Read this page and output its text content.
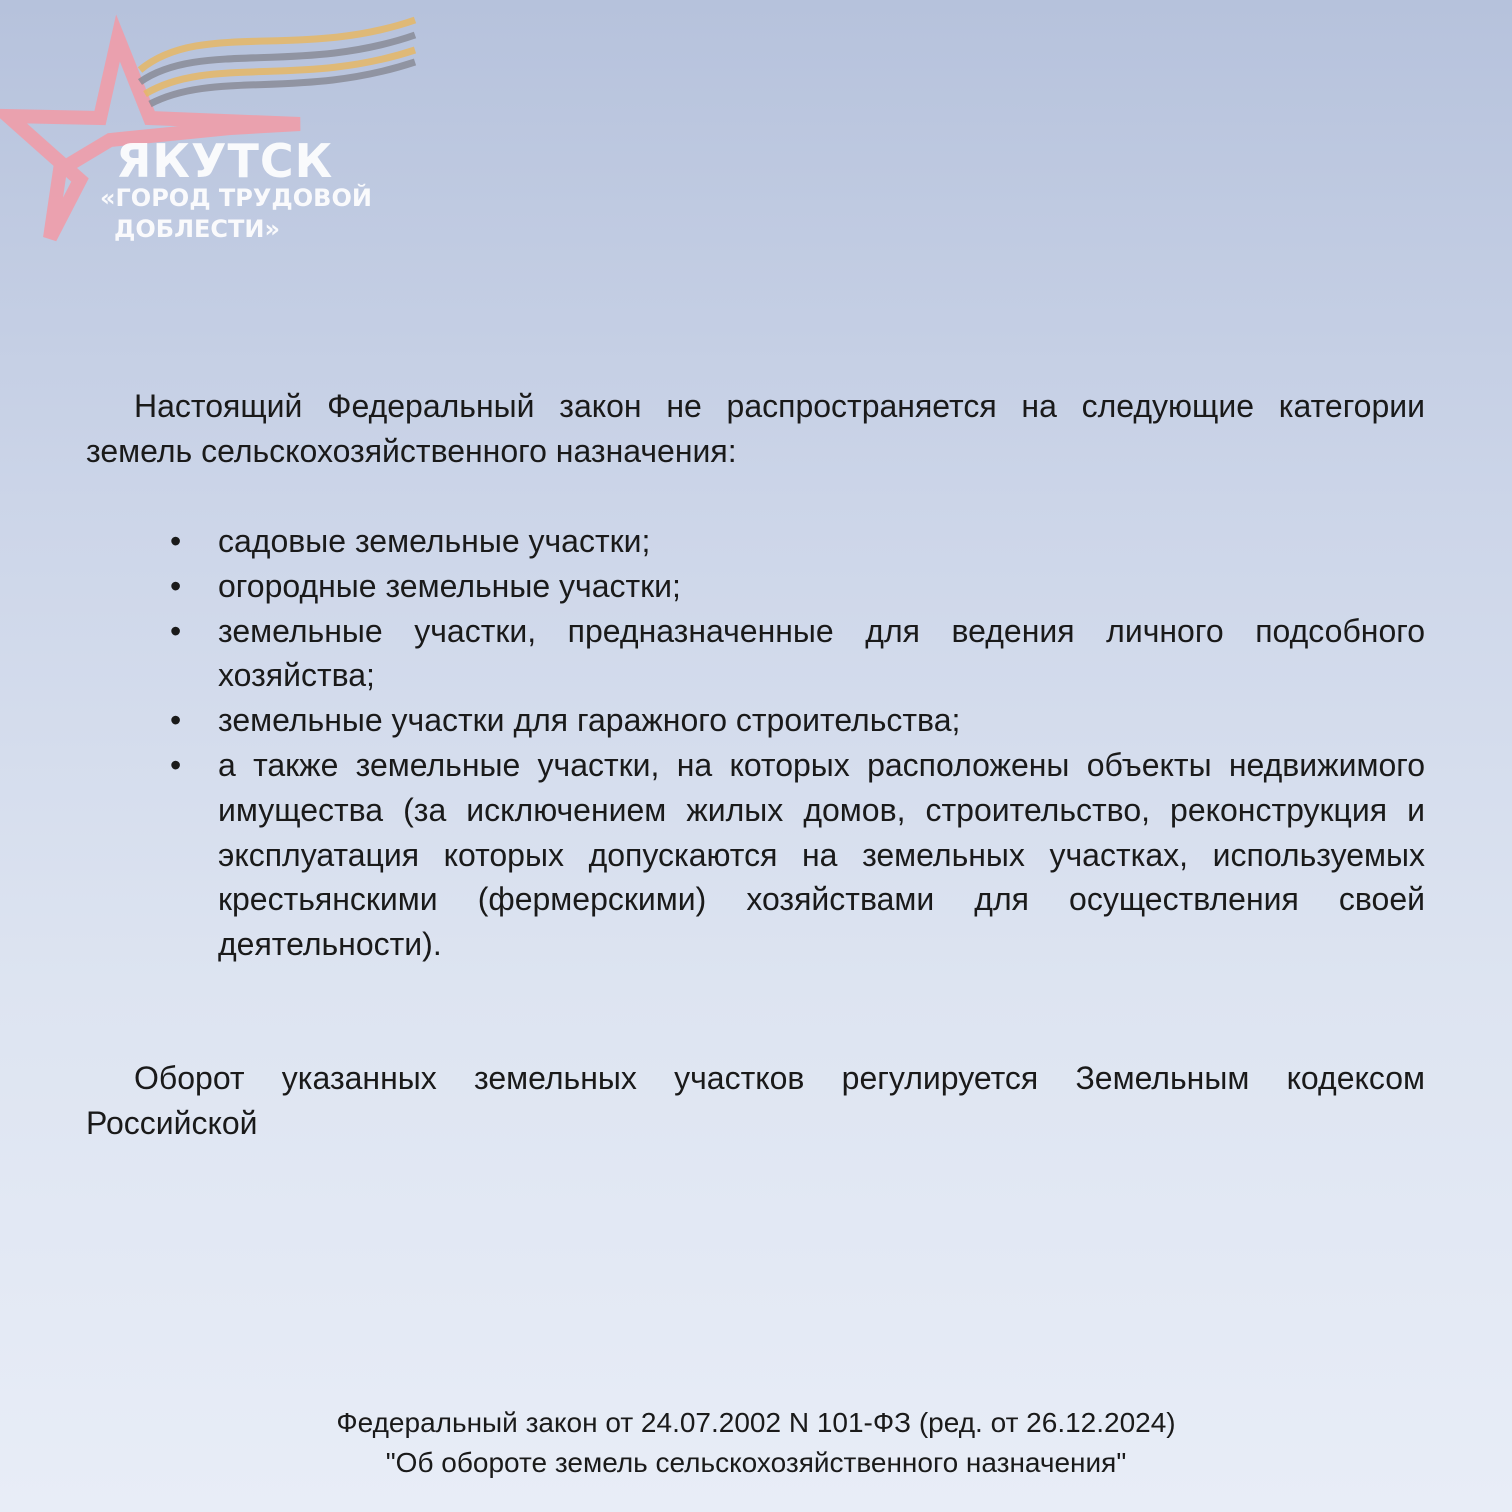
ЯКУТСК
«ГОРОД ТРУДОВОЙ
ДОБЛЕСТИ»

Настоящий Федеральный закон не распространяется на следующие категории земель сельскохозяйственного назначения:

• садовые земельные участки;
• огородные земельные участки;
• земельные участки, предназначенные для ведения личного подсобного хозяйства;
• земельные участки для гаражного строительства;
• а также земельные участки, на которых расположены объекты недвижимого имущества (за исключением жилых домов, строительство, реконструкция и эксплуатация которых допускаются на земельных участках, используемых крестьянскими (фермерскими) хозяйствами для осуществления своей деятельности).

Оборот указанных земельных участков регулируется Земельным кодексом Российской

Федеральный закон от 24.07.2002 N 101-ФЗ (ред. от 26.12.2024)
"Об обороте земель сельскохозяйственного назначения"
